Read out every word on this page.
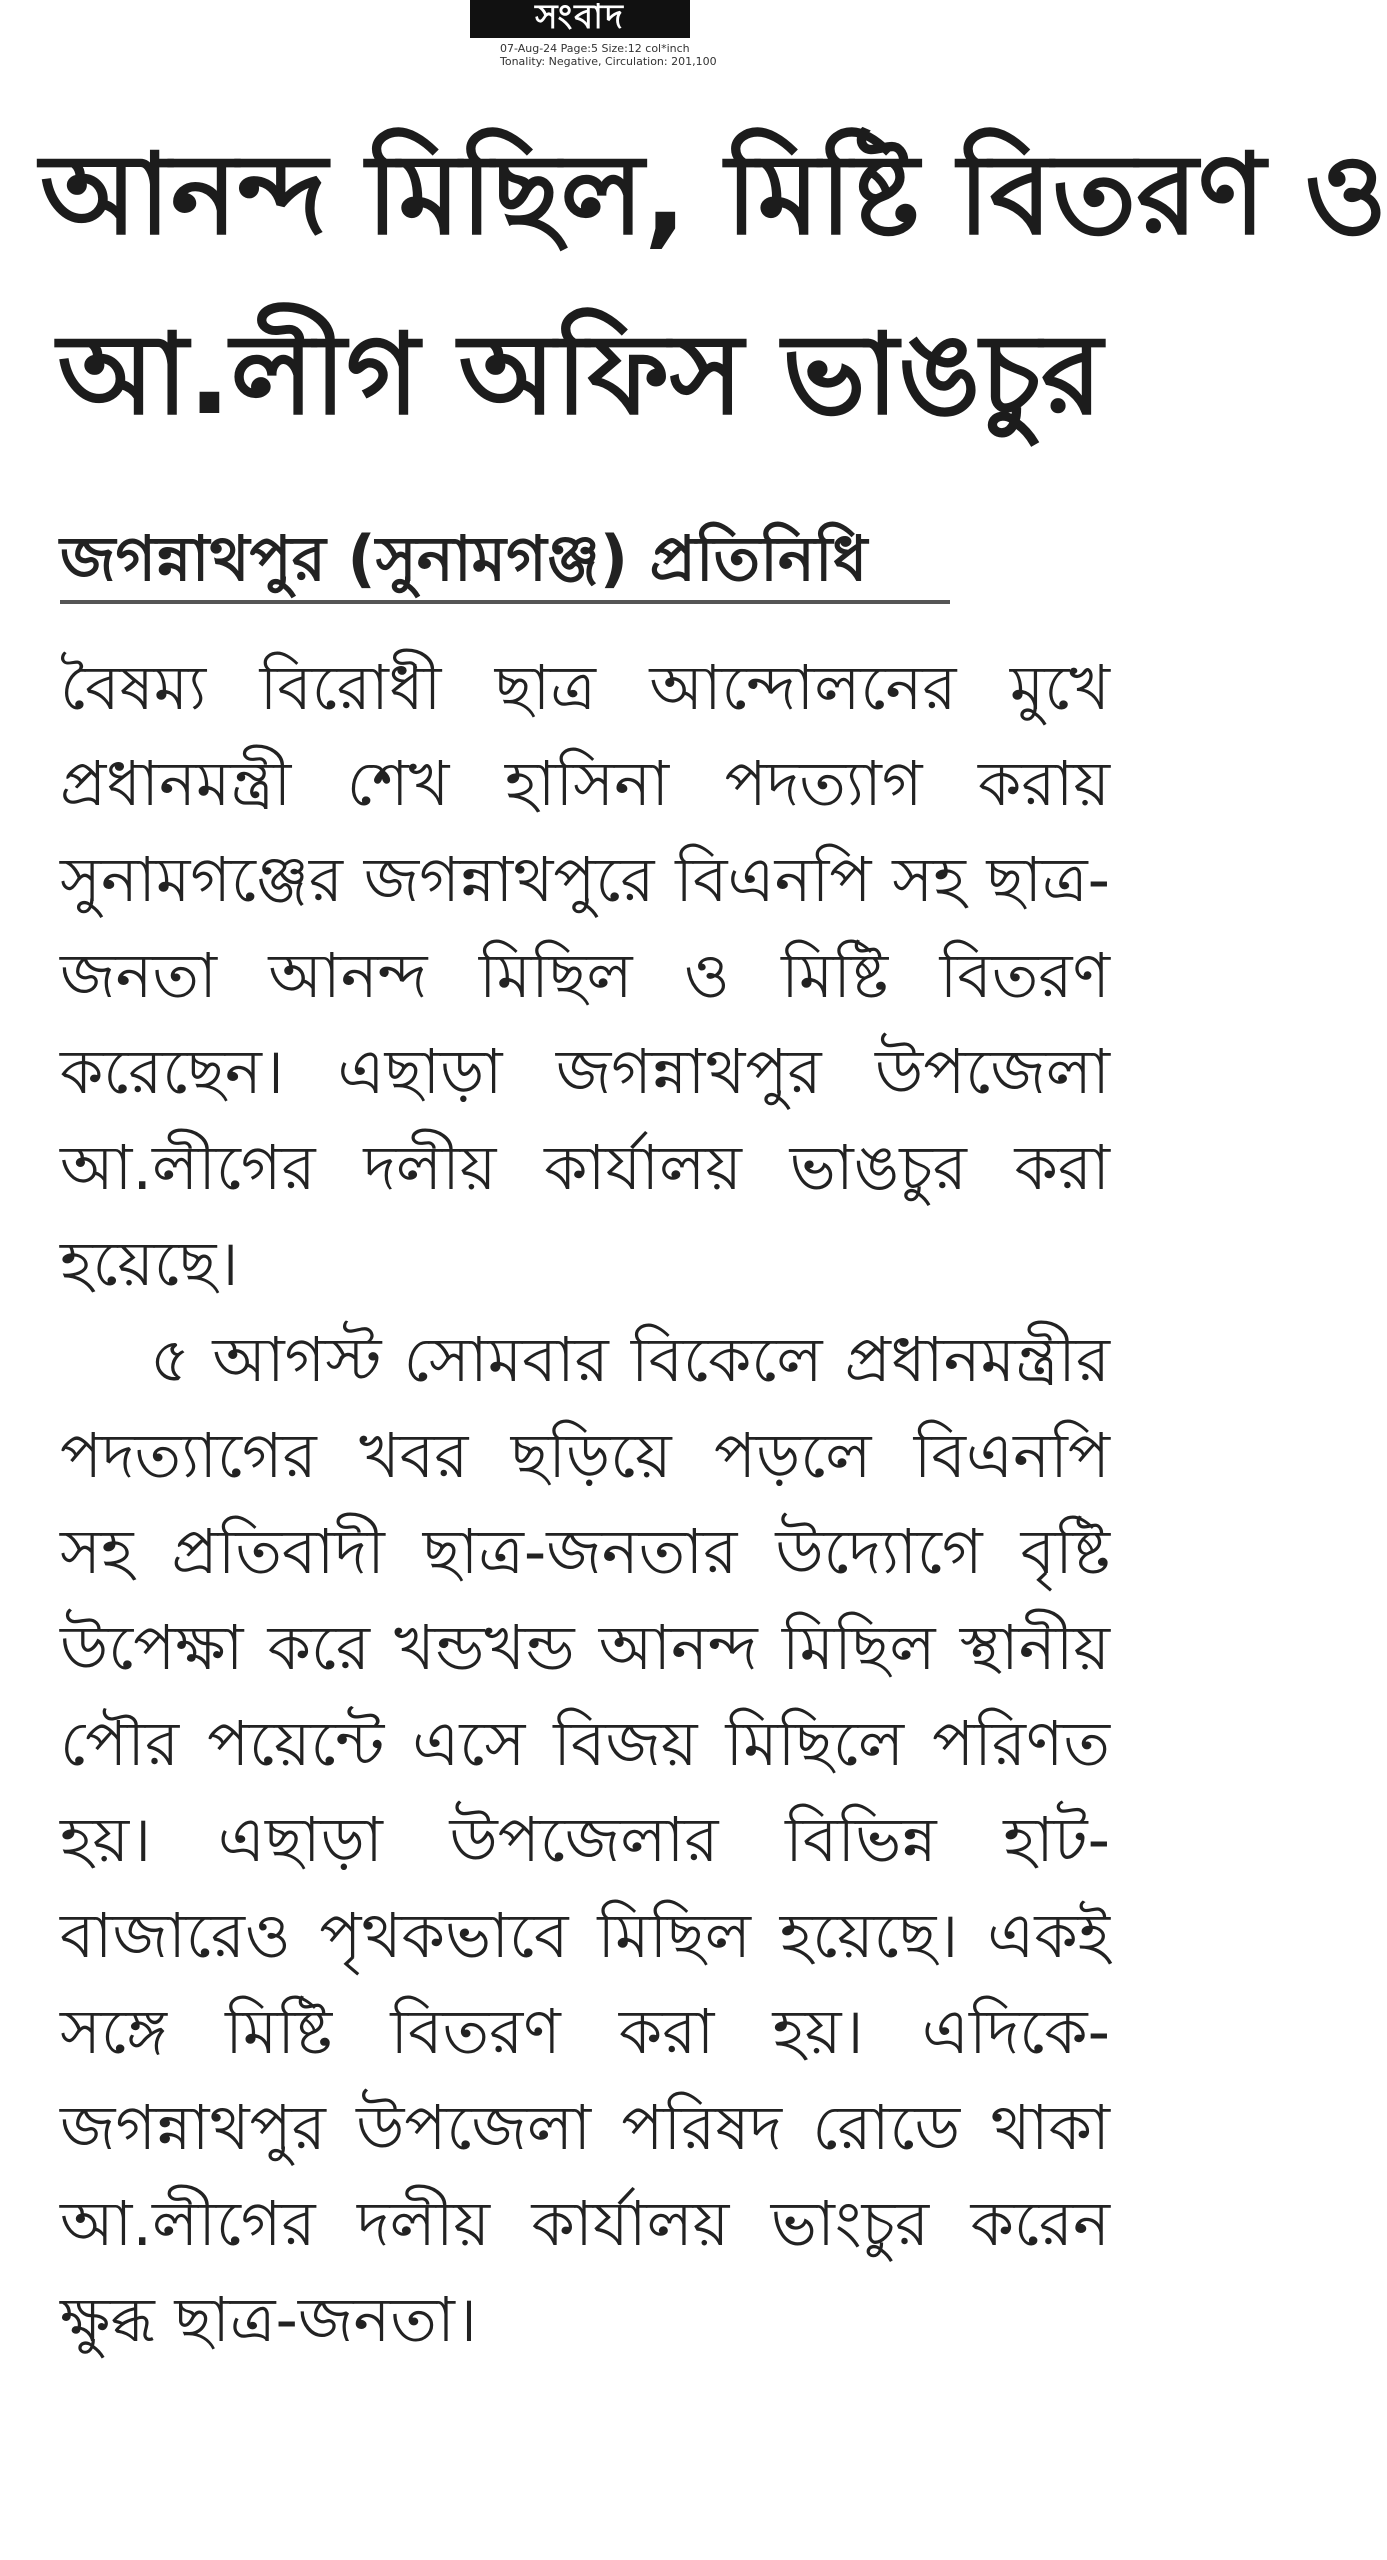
সংবাদ
07-Aug-24 Page:5 Size:12 col*inch
Tonality: Negative, Circulation: 201,100
আনন্দ মিছিল, মিষ্টি বিতরণ ও
আ.লীগ অফিস ভাঙচুর
জগন্নাথপুর (সুনামগঞ্জ) প্রতিনিধি

বৈষম্য বিরোধী ছাত্র আন্দোলনের মুখে প্রধানমন্ত্রী শেখ হাসিনা পদত্যাগ করায় সুনামগঞ্জের জগন্নাথপুরে বিএনপি সহ ছাত্র-জনতা আনন্দ মিছিল ও মিষ্টি বিতরণ করেছেন। এছাড়া জগন্নাথপুর উপজেলা আ.লীগের দলীয় কার্যালয় ভাঙচুর করা হয়েছে।

৫ আগস্ট সোমবার বিকেলে প্রধানমন্ত্রীর পদত্যাগের খবর ছড়িয়ে পড়লে বিএনপি সহ প্রতিবাদী ছাত্র-জনতার উদ্যোগে বৃষ্টি উপেক্ষা করে খন্ডখন্ড আনন্দ মিছিল স্থানীয় পৌর পয়েন্টে এসে বিজয় মিছিলে পরিণত হয়। এছাড়া উপজেলার বিভিন্ন হাট-বাজারেও পৃথকভাবে মিছিল হয়েছে। একই সঙ্গে মিষ্টি বিতরণ করা হয়। এদিকে-জগন্নাথপুর উপজেলা পরিষদ রোডে থাকা আ.লীগের দলীয় কার্যালয় ভাংচুর করেন ক্ষুব্ধ ছাত্র-জনতা।
